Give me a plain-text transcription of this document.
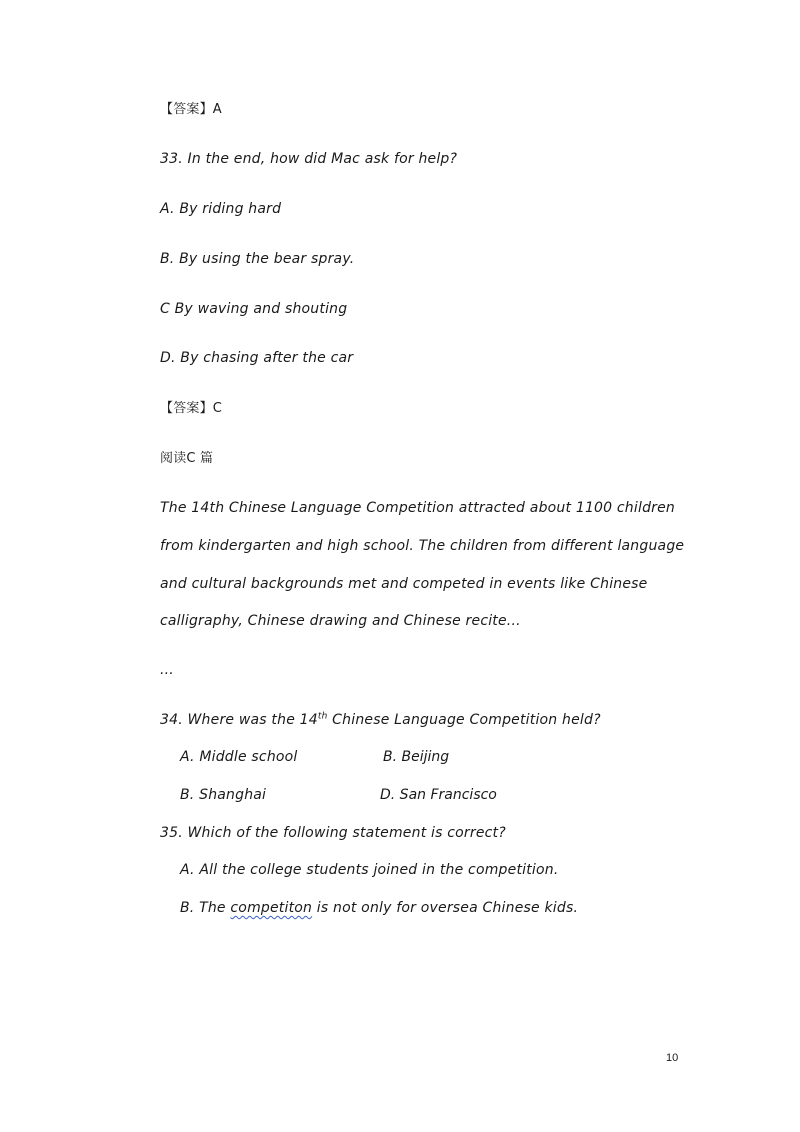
【答案】A
33. In the end, how did Mac ask for help?
A. By riding hard
B. By using the bear spray.
C By waving and shouting
D. By chasing after the car
【答案】C
阅读C 篇
The 14th Chinese Language Competition attracted about 1100 children
from kindergarten and high school. The children from different language
and cultural backgrounds met and competed in events like Chinese
calligraphy, Chinese drawing and Chinese recite...
...
34. Where was the 14th Chinese Language Competition held?
A. Middle school	B. Beijing
B. Shanghai	D. San Francisco
35. Which of the following statement is correct?
A. All the college students joined in the competition.
B. The competiton is not only for oversea Chinese kids.
10
